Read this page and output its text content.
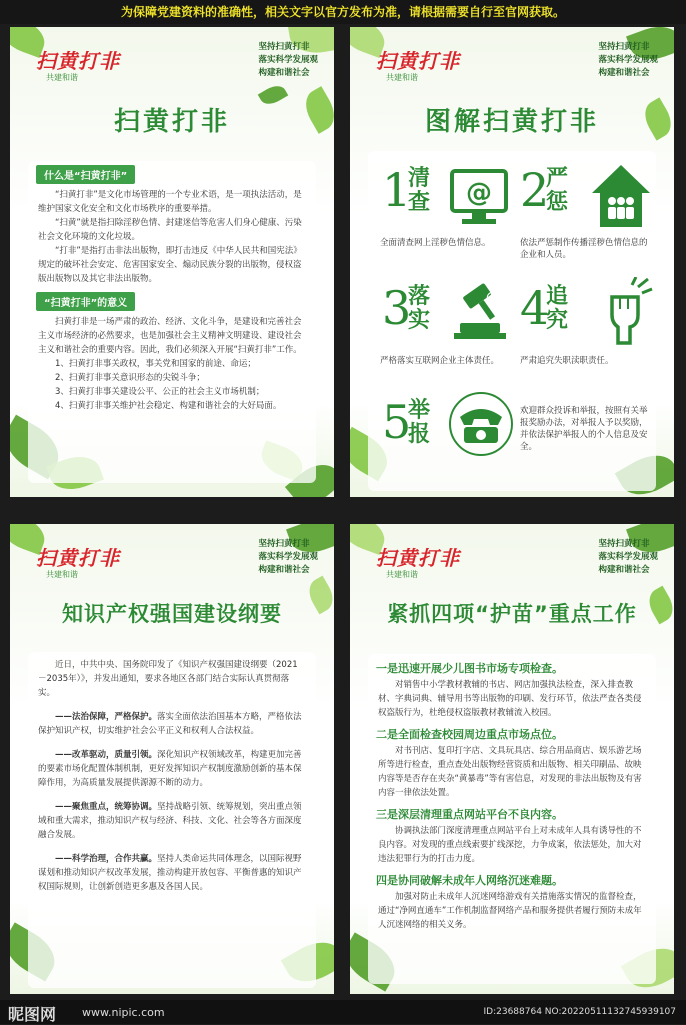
为保障党建资料的准确性，相关文字以官方发布为准，请根据需要自行至官网获取。
扫黄打非
共建和谐
坚持扫黄打非
落实科学发展观
构建和谐社会
扫黄打非
什么是“扫黄打非”
“扫黄打非”是文化市场管理的一个专业术语，是一项执法活动，是维护国家文化安全和文化市场秩序的重要举措。
“扫黄”就是指扫除淫秽色情、封建迷信等危害人们身心健康、污染社会文化环境的文化垃圾。
“打非”是指打击非法出版物，即打击违反《中华人民共和国宪法》规定的破坏社会安定、危害国家安全、煽动民族分裂的出版物，侵权盗版出版物以及其它非法出版物。
“扫黄打非”的意义
扫黄打非是一场严肃的政治、经济、文化斗争，是建设和完善社会主义市场经济的必然要求，也是加强社会主义精神文明建设、建设社会主义和谐社会的重要内容。因此，我们必须深入开展“扫黄打非”工作。
1、扫黄打非事关政权，事关党和国家的前途、命运；
2、扫黄打非事关意识形态的尖锐斗争；
3、扫黄打非事关建设公平、公正的社会主义市场机制；
4、扫黄打非事关维护社会稳定、构建和谐社会的大好局面。
扫黄打非
共建和谐
坚持扫黄打非
落实科学发展观
构建和谐社会
图解扫黄打非
1
清查 @
全面清查网上淫秽色情信息。
2
严惩
依法严惩制作传播淫秽色情信息的企业和人员。
3
落实
@
严格落实互联网企业主体责任。
4
追究
严肃追究失职渎职责任。
5
举报
欢迎群众投诉和举报，按照有关举报奖励办法，对举报人予以奖励，并依法保护举报人的个人信息及安全。
扫黄打非
共建和谐
坚持扫黄打非
落实科学发展观
构建和谐社会
知识产权强国建设纲要
近日，中共中央、国务院印发了《知识产权强国建设纲要（2021－2035年）》，并发出通知，要求各地区各部门结合实际认真贯彻落实。
——法治保障，严格保护。落实全面依法治国基本方略，严格依法保护知识产权，切实维护社会公平正义和权利人合法权益。
——改革驱动，质量引领。深化知识产权领域改革，构建更加完善的要素市场化配置体制机制，更好发挥知识产权制度激励创新的基本保障作用，为高质量发展提供源源不断的动力。
——聚焦重点，统筹协调。坚持战略引领、统筹规划，突出重点领域和重大需求，推动知识产权与经济、科技、文化、社会等各方面深度融合发展。
——科学治理，合作共赢。坚持人类命运共同体理念，以国际视野谋划和推动知识产权改革发展，推动构建开放包容、平衡普惠的知识产权国际规则，让创新创造更多惠及各国人民。
扫黄打非
共建和谐
坚持扫黄打非
落实科学发展观
构建和谐社会
紧抓四项“护苗”重点工作
一是迅速开展少儿图书市场专项检查。
对销售中小学教材教辅的书店、网店加强执法检查，深入排查教材、字典词典、辅导用书等出版物的印刷、发行环节，依法严查各类侵权盗版行为，杜绝侵权盗版教材教辅流入校园。
二是全面检查校园周边重点市场点位。
对书刊店、复印打字店、文具玩具店、综合用品商店、娱乐游艺场所等进行检查，重点查处出版物经营资质和出版物、相关印刷品、故映内容等是否存在夹杂“黄暴毒”等有害信息，对发现的非法出版物及有害内容一律依法处置。
三是深层清理重点网站平台不良内容。
协调执法部门深度清理重点网站平台上对未成年人具有诱导性的不良内容。对发现的重点线索要扩线深挖，力争成案，依法惩处，加大对违法犯罪行为的打击力度。
四是协同破解未成年人网络沉迷难题。
加强对防止未成年人沉迷网络游戏有关措施落实情况的监督检查，通过“净网直通车”工作机制监督网络产品和服务提供者履行预防未成年人沉迷网络的相关义务。
昵图网 www.nipic.com	ID:23688764 NO:20220511132745939107
